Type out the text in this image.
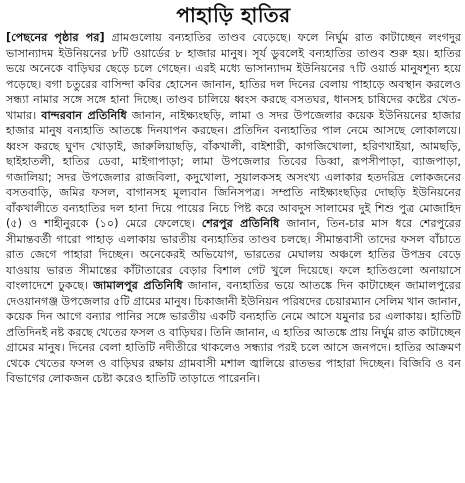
পাহাড়ি হাতির

[পেছনের পৃষ্ঠার পর] গ্রামগুলোয় বন্যহাতির তাণ্ডব বেড়েছে। ফলে নির্ঘুম রাত কাটাচ্ছেন লংগদুর ভাসান্যাদম ইউনিয়নের ৮টি ওয়ার্ডের ৮ হাজার মানুষ। সূর্য ডুবলেই বন্যহাতির তাণ্ডব শুরু হয়। হাতির ভয়ে অনেকে বাড়িঘর ছেড়ে চলে গেছেন। এরই মধ্যে ভাসান্যাদম ইউনিয়নের ৭টি ওয়ার্ড মানুষশূন্য হয়ে পড়েছে। বগা চতুরের বাসিন্দা কবির হোসেন জানান, হাতির দল দিনের বেলায় পাহাড়ে অবস্থান করলেও সন্ধ্যা নামার সঙ্গে সঙ্গে হানা দিচ্ছে। তাণ্ডব চালিয়ে ধ্বংস করছে বসতঘর, ধানসহ চাষিদের কষ্টের খেত-খামার। বান্দরবান প্রতিনিধি জানান, নাইক্ষ্যংছড়ি, লামা ও সদর উপজেলার কয়েক ইউনিয়নের হাজার হাজার মানুষ বন্যহাতি আতঙ্কে দিনযাপন করছেন। প্রতিদিন বন্যহাতির পাল নেমে আসছে লোকালয়ে। ধ্বংস করছে ঘুণদ খোড়াই, জারুলিয়াছড়ি, বাঁকখালী, বাইশারী, কাগজিখোলা, হরিণখাইয়া, আমছড়ি, ছাইহাতলী, হাতির ডেবা, মাইগাপাড়া; লামা উপজেলার তিবের ডিব্বা, রূপসীপাড়া, ব্যাজপাড়া, গজালিয়া; সদর উপজেলার রাজবিলা, কদুখোলা, সুয়ালকসহ অসংখ্য এলাকার হতদরিদ্র লোকজনের বসতবাড়ি, জমির ফসল, বাগানসহ মূল্যবান জিনিসপত্র। সম্প্রতি নাইক্ষ্যংছড়ির দোছড়ি ইউনিয়নের বাঁকখালীতে বন্যহাতির দল হানা দিয়ে পায়ের নিচে পিষ্ট করে আবদুস সালামের দুই শিশু পুত্র মোজাহিদ (৫) ও শাহীনুরকে (১০) মেরে ফেলেছে। শেরপুর প্রতিনিধি জানান, তিন-চার মাস ধরে শেরপুরের সীমান্তবর্তী গারো পাহাড় এলাকায় ভারতীয় বন্যহাতির তাণ্ডব চলছে। সীমান্তবাসী তাদের ফসল বাঁচাতে রাত জেগে পাহারা দিচ্ছেন। অনেকেরই অভিযোগ, ভারতের মেঘালয় অঞ্চলে হাতির উপদ্রব বেড়ে যাওয়ায় ভারত সীমান্তের কাঁটাতারের বেড়ার বিশাল গেট খুলে দিয়েছে। ফলে হাতিগুলো অনায়াসে বাংলাদেশে ঢুকছে। জামালপুর প্রতিনিধি জানান, বন্যহাতির ভয়ে আতঙ্কে দিন কাটাচ্ছেন জামালপুরের দেওয়ানগঞ্জ উপজেলার ৫টি গ্রামের মানুষ। চিকাজানী ইউনিয়ন পরিষদের চেয়ারম্যান সেলিম খান জানান, কয়েক দিন আগে বন্যার পানির সঙ্গে ভারতীয় একটি বন্যহাতি নেমে আসে যমুনার চর এলাকায়। হাতিটি প্রতিদিনই নষ্ট করছে খেতের ফসল ও বাড়িঘর। তিনি জানান, এ হাতির আতঙ্কে প্রায় নির্ঘুম রাত কাটাচ্ছেন গ্রামের মানুষ। দিনের বেলা হাতিটি নদীতীরে থাকলেও সন্ধ্যার পরই চলে আসে জনপদে। হাতির আক্রমণ থেকে খেতের ফসল ও বাড়িঘর রক্ষায় গ্রামবাসী মশাল জ্বালিয়ে রাতভর পাহারা দিচ্ছেন। বিজিবি ও বন বিভাগের লোকজন চেষ্টা করেও হাতিটি তাড়াতে পারেননি।
